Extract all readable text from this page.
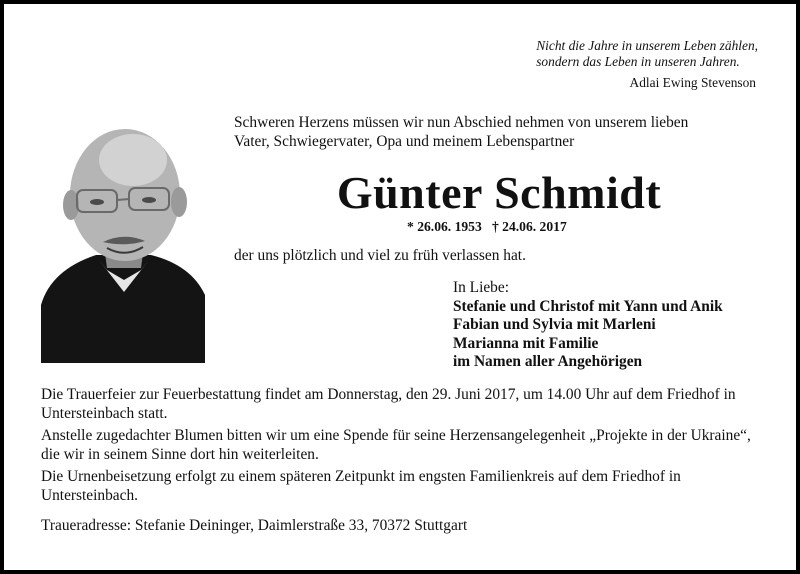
Nicht die Jahre in unserem Leben zählen,
sondern das Leben in unseren Jahren.
Adlai Ewing Stevenson
Schweren Herzens müssen wir nun Abschied nehmen von unserem lieben
Vater, Schwiegervater, Opa und meinem Lebenspartner
Günter Schmidt
* 26.06. 1953 † 24.06. 2017
der uns plötzlich und viel zu früh verlassen hat.
In Liebe:
Stefanie und Christof mit Yann und Anik
Fabian und Sylvia mit Marleni
Marianna mit Familie
im Namen aller Angehörigen

Die Trauerfeier zur Feuerbestattung findet am Donnerstag, den 29. Juni 2017, um 14.00 Uhr auf dem Friedhof in Untersteinbach statt.

Anstelle zugedachter Blumen bitten wir um eine Spende für seine Herzensangelegenheit „Projekte in der Ukraine“, die wir in seinem Sinne dort hin weiterleiten.

Die Urnenbeisetzung erfolgt zu einem späteren Zeitpunkt im engsten Familienkreis auf dem Friedhof in Untersteinbach.

Traueradresse: Stefanie Deininger, Daimlerstraße 33, 70372 Stuttgart
